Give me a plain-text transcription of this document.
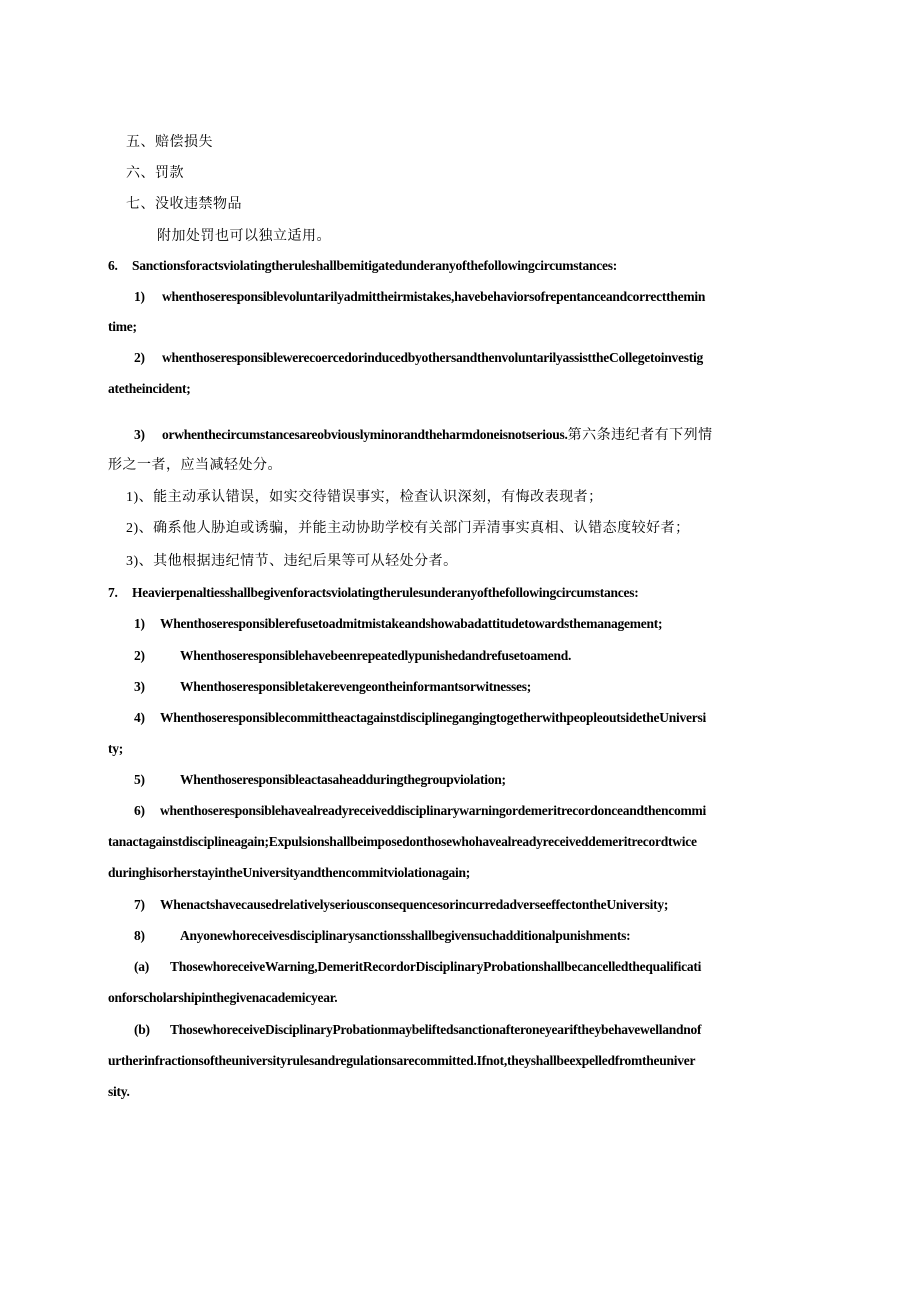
五、赔偿损失
六、罚款
七、没收违禁物品
附加处罚也可以独立适用。
6. Sanctionsforactsviolatingtheruleshallbemitigatedunderanyofthefollowingcircumstances:
1) whenthoseresponsiblevoluntarilyadmittheirmistakes,havebehaviorsofrepentanceandcorrectthemin
time;
2) whenthoseresponsiblewerecoercedorinducedbyothersandthenvoluntarilyassisttheCollegetoinvestig
atetheincident;
3) orwhenthecircumstancesareobviouslyminorandtheharmdoneisnotserious.第六条违纪者有下列情
形之一者，应当减轻处分。
1)、能主动承认错误，如实交待错误事实，检查认识深刻，有悔改表现者；
2)、确系他人胁迫或诱骗，并能主动协助学校有关部门弄清事实真相、认错态度较好者；
3)、其他根据违纪情节、违纪后果等可从轻处分者。
7. Heavierpenaltiesshallbegivenforactsviolatingtherulesunderanyofthefollowingcircumstances:
1) Whenthoseresponsiblerefusetoadmitmistakeandshowabadattitudetowardsthemanagement;
2)	Whenthoseresponsiblehavebeenrepeatedlypunishedandrefusetoamend.
3)	Whenthoseresponsibletakerevengeontheinformantsorwitnesses;
4) WhenthoseresponsiblecommittheactagainstdisciplinegangingtogetherwithpeopleoutsidetheUniversi
ty;
5)	Whenthoseresponsibleactasaheadduringthegroupviolation;
6) whenthoseresponsiblehavealreadyreceiveddisciplinarywarningordemeritrecordonceandthencommi
tanactagainstdisciplineagain;Expulsionshallbeimposedonthosewhohavealreadyreceiveddemeritrecordtwice
duringhisorherstayintheUniversityandthencommitviolationagain;
7) WhenactshavecausedrelativelyseriousconsequencesorincurredadverseeffectontheUniversity;
8)	Anyonewhoreceivesdisciplinarysanctionsshallbegivensuchadditionalpunishments:
(a) ThosewhoreceiveWarning,DemeritRecordorDisciplinaryProbationshallbecancelledthequalificati
onforscholarshipinthegivenacademicyear.
(b) ThosewhoreceiveDisciplinaryProbationmaybeliftedsanctionafteroneyeariftheybehavewellandnof
urtherinfractionsoftheuniversityrulesandregulationsarecommitted.Ifnot,theyshallbeexpelledfromtheuniver
sity.
